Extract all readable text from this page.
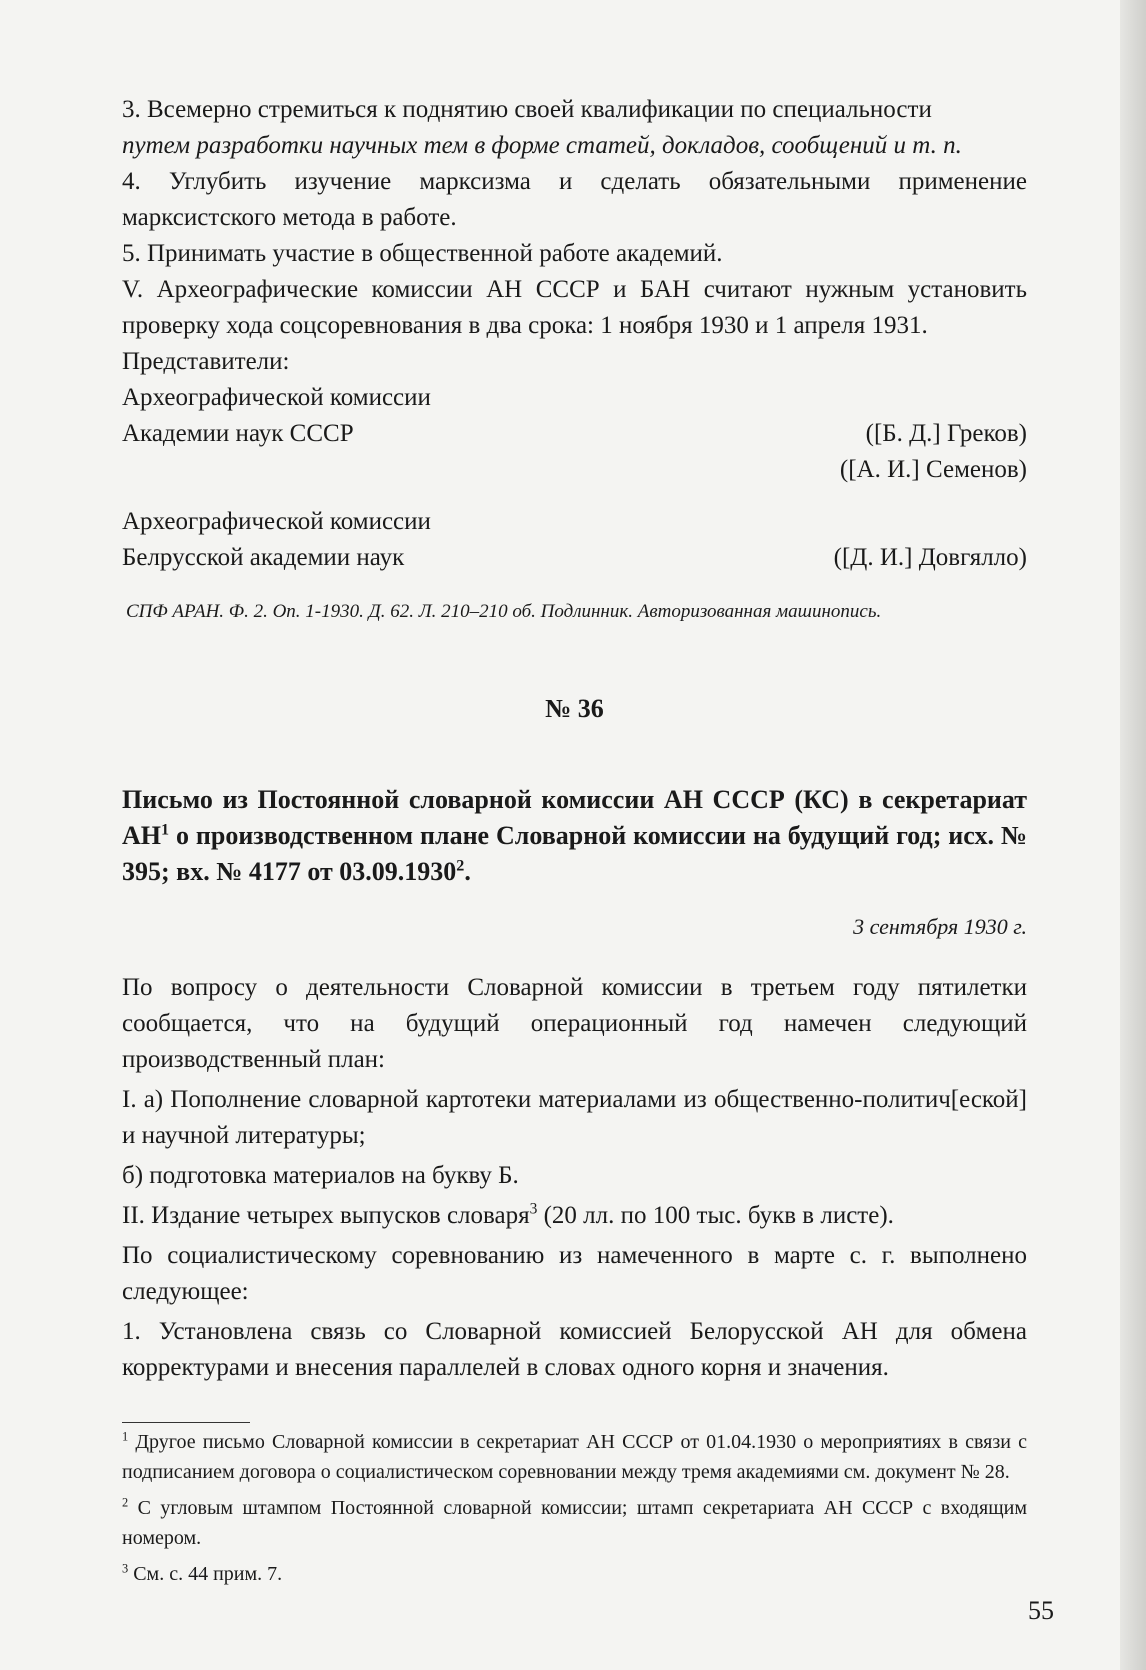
3. Всемерно стремиться к поднятию своей квалификации по специальности

путем разработки научных тем в форме статей, докладов, сообщений и т. п.

4. Углубить изучение марксизма и сделать обязательными применение марксистского метода в работе.

5. Принимать участие в общественной работе академий.

V. Археографические комиссии АН СССР и БАН считают нужным установить проверку хода соцсоревнования в два срока: 1 ноября 1930 и 1 апреля 1931.

Представители:
Археографической комиссии
Академии наук СССР	([Б. Д.] Греков)
([А. И.] Семенов)
Археографической комиссии
Белрусской академии наук	([Д. И.] Довгялло)

СПФ АРАН. Ф. 2. Оп. 1-1930. Д. 62. Л. 210–210 об. Подлинник. Авторизованная машинопись.

№ 36

Письмо из Постоянной словарной комиссии АН СССР (КС) в секретариат $АН^1$ о производственном плане Словарной комиссии на будущий год; исх. № 395; вх. № 4177 от 03.09.1930$^2$.

3 сентября 1930 г.

По вопросу о деятельности Словарной комиссии в третьем году пятилетки сообщается, что на будущий операционный год намечен следующий производственный план:

I. а) Пополнение словарной картотеки материалами из общественно-политич[еской] и научной литературы;

б) подготовка материалов на букву Б.

II. Издание четырех выпусков словаря$^3$ (20 лл. по 100 тыс. букв в листе).

По социалистическому соревнованию из намеченного в марте с. г. выполнено следующее:

1. Установлена связь со Словарной комиссией Белорусской АН для обмена корректурами и внесения параллелей в словах одного корня и значения.

$^1$ Другое письмо Словарной комиссии в секретариат АН СССР от 01.04.1930 о мероприятиях в связи с подписанием договора о социалистическом соревновании между тремя академиями см. документ № 28.

$^2$ С угловым штампом Постоянной словарной комиссии; штамп секретариата АН СССР с входящим номером.

$^3$ См. с. 44 прим. 7.

55
